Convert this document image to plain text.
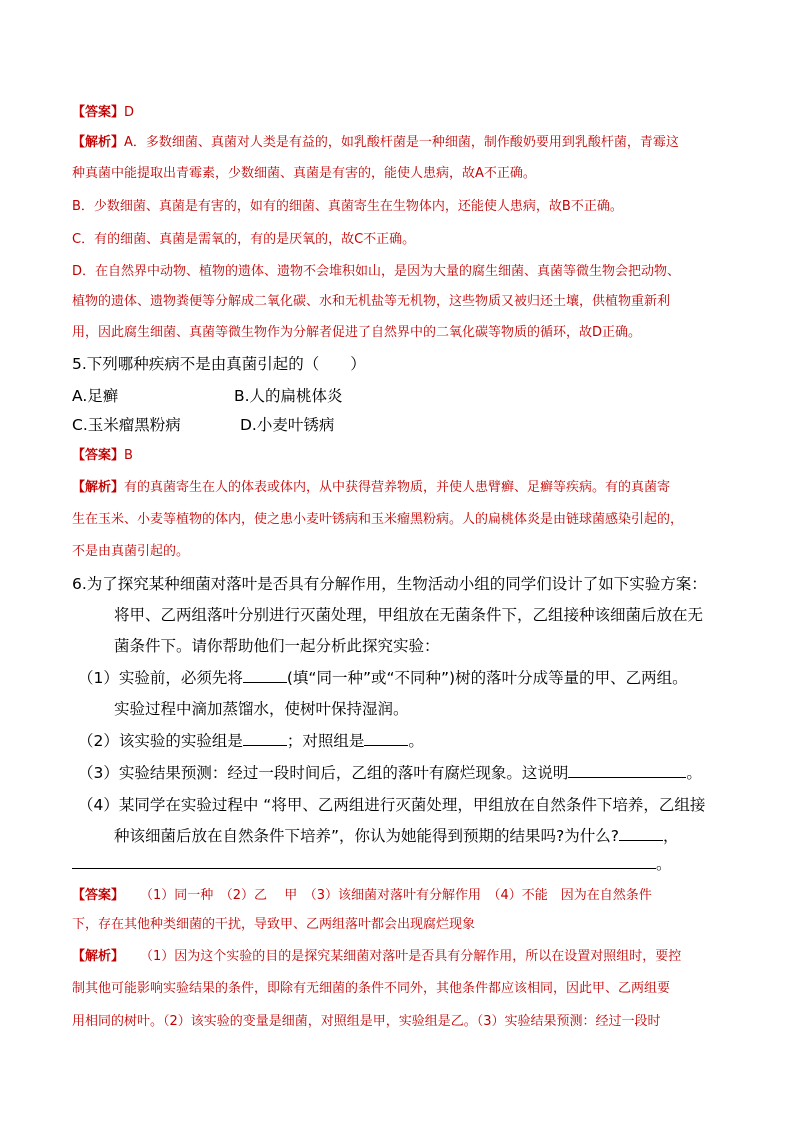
【答案】D
【解析】A．多数细菌、真菌对人类是有益的，如乳酸杆菌是一种细菌，制作酸奶要用到乳酸杆菌，青霉这
种真菌中能提取出青霉素，少数细菌、真菌是有害的，能使人患病，故A不正确。
B．少数细菌、真菌是有害的，如有的细菌、真菌寄生在生物体内，还能使人患病，故B不正确。
C．有的细菌、真菌是需氧的，有的是厌氧的，故C不正确。
D．在自然界中动物、植物的遗体、遗物不会堆积如山，是因为大量的腐生细菌、真菌等微生物会把动物、
植物的遗体、遗物粪便等分解成二氧化碳、水和无机盐等无机物，这些物质又被归还土壤，供植物重新利
用，因此腐生细菌、真菌等微生物作为分解者促进了自然界中的二氧化碳等物质的循环，故D正确。
5.下列哪种疾病不是由真菌引起的（　　）
A.足癣	B.人的扁桃体炎
C.玉米瘤黑粉病	D.小麦叶锈病
【答案】B
【解析】有的真菌寄生在人的体表或体内，从中获得营养物质，并使人患臂癣、足癣等疾病。有的真菌寄
生在玉米、小麦等植物的体内，使之患小麦叶锈病和玉米瘤黑粉病。人的扁桃体炎是由链球菌感染引起的，
不是由真菌引起的。
6.为了探究某种细菌对落叶是否具有分解作用，生物活动小组的同学们设计了如下实验方案：
将甲、乙两组落叶分别进行灭菌处理，甲组放在无菌条件下，乙组接种该细菌后放在无
菌条件下。请你帮助他们一起分析此探究实验：
（1）实验前，必须先将	(填“同一种”或“不同种”)树的落叶分成等量的甲、乙两组。
实验过程中滴加蒸馏水，使树叶保持湿润。
（2）该实验的实验组是	；对照组是	。
（3）实验结果预测：经过一段时间后，乙组的落叶有腐烂现象。这说明	。
（4）某同学在实验过程中 “将甲、乙两组进行灭菌处理，甲组放在自然条件下培养，乙组接
种该细菌后放在自然条件下培养”，你认为她能得到预期的结果吗?为什么?	，
。
【答案】 （1）同一种　（2）乙　 甲　（3）该细菌对落叶有分解作用　（4）不能　因为在自然条件
下，存在其他种类细菌的干扰，导致甲、乙两组落叶都会出现腐烂现象
【解析】 （1）因为这个实验的目的是探究某细菌对落叶是否具有分解作用，所以在设置对照组时，要控
制其他可能影响实验结果的条件，即除有无细菌的条件不同外，其他条件都应该相同，因此甲、乙两组要
用相同的树叶。（2）该实验的变量是细菌，对照组是甲，实验组是乙。（3）实验结果预测：经过一段时
